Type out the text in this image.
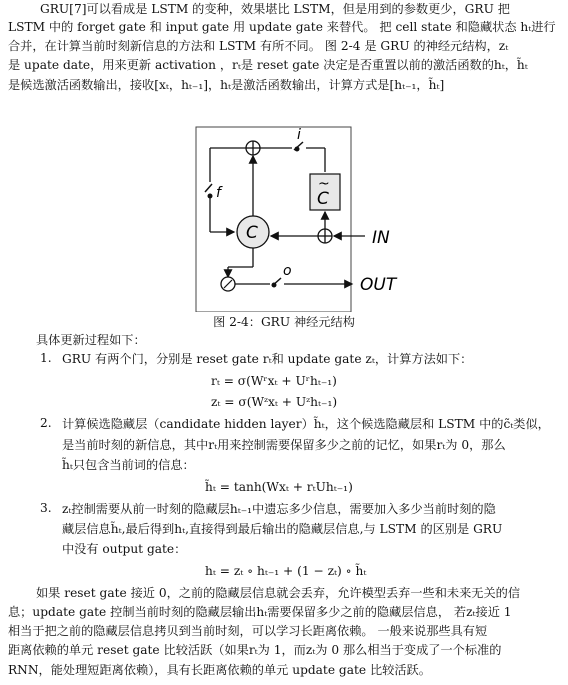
GRU[7]可以看成是 LSTM 的变种，效果堪比 LSTM，但是用到的参数更少，GRU 把
LSTM 中的 forget gate 和 input gate 用 update gate 来替代。 把 cell state 和隐藏状态 hₜ进行
合并，在计算当前时刻新信息的方法和 LSTM 有所不同。 图 2-4 是 GRU 的神经元结构，zₜ
是 upate date，用来更新 activation ，rₜ是 reset gate 决定是否重置以前的激活函数的hₜ，h̃ₜ
是候选激活函数输出，接收[xₜ，hₜ₋₁]，hₜ是激活函数输出，计算方式是[hₜ₋₁，h̃ₜ]
f
C
i
~
C
IN
o
OUT
图 2-4：GRU 神经元结构
具体更新过程如下：
1. GRU 有两个门，分别是 reset gate rₜ和 update gate zₜ，计算方法如下：
rₜ = σ(Wʳxₜ + Uʳhₜ₋₁)
zₜ = σ(Wᶻxₜ + Uᶻhₜ₋₁)
2. 计算候选隐藏层（candidate hidden layer）h̃ₜ，这个候选隐藏层和 LSTM 中的c̃ₜ类似，
是当前时刻的新信息，其中rₜ用来控制需要保留多少之前的记忆，如果rₜ为 0，那么
h̃ₜ只包含当前词的信息：
h̃ₜ = tanh(Wxₜ + rₜUhₜ₋₁)
3. zₜ控制需要从前一时刻的隐藏层hₜ₋₁中遗忘多少信息，需要加入多少当前时刻的隐
藏层信息h̃ₜ,最后得到hₜ,直接得到最后输出的隐藏层信息,与 LSTM 的区别是 GRU
中没有 output gate：
hₜ = zₜ ∘ hₜ₋₁ + (1 − zₜ) ∘ h̃ₜ
如果 reset gate 接近 0，之前的隐藏层信息就会丢弃，允许模型丢弃一些和未来无关的信
息；update gate 控制当前时刻的隐藏层输出hₜ需要保留多少之前的隐藏层信息， 若zₜ接近 1
相当于把之前的隐藏层信息拷贝到当前时刻，可以学习长距离依赖。 一般来说那些具有短
距离依赖的单元 reset gate 比较活跃（如果rₜ为 1，而zₜ为 0 那么相当于变成了一个标准的
RNN，能处理短距离依赖），具有长距离依赖的单元 update gate 比较活跃。
